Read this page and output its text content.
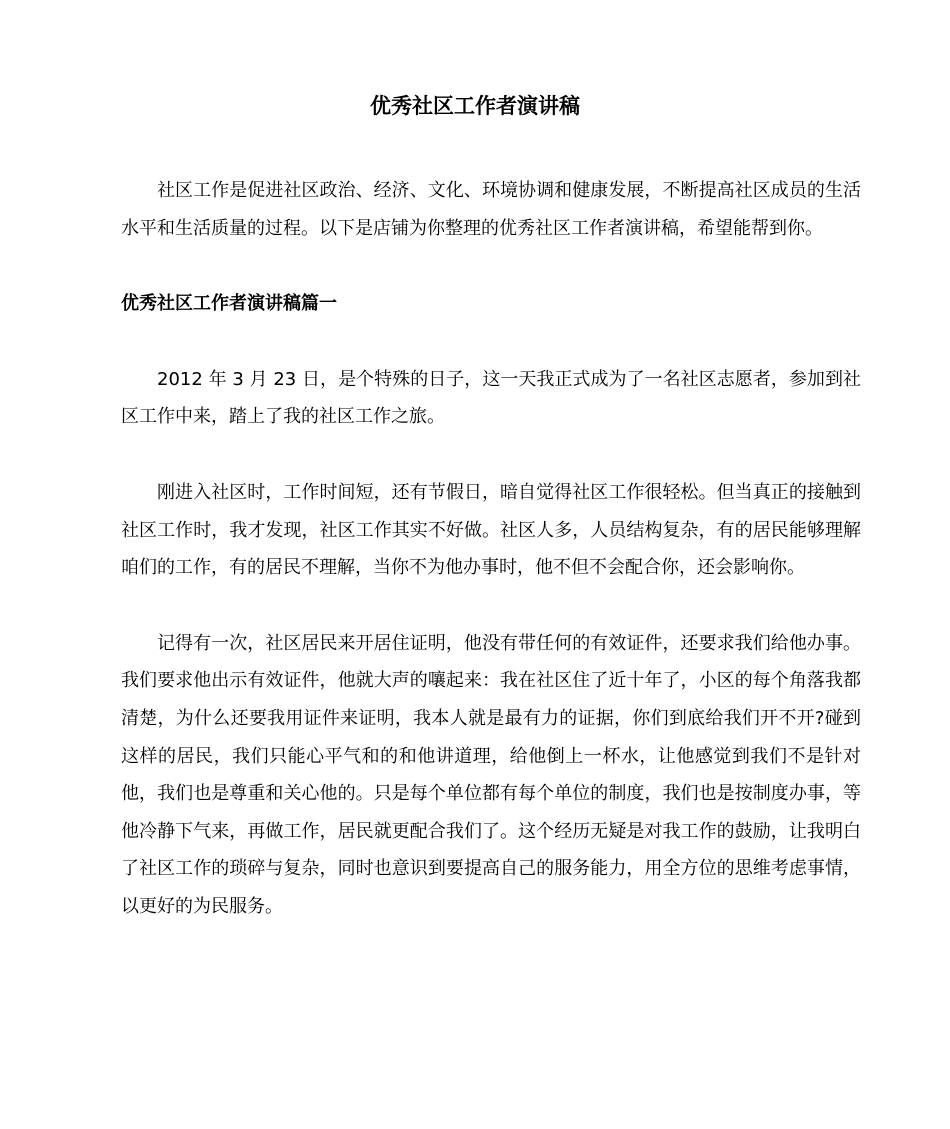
优秀社区工作者演讲稿

社区工作是促进社区政治、经济、文化、环境协调和健康发展，不断提高社区成员的生活水平和生活质量的过程。以下是店铺为你整理的优秀社区工作者演讲稿，希望能帮到你。

优秀社区工作者演讲稿篇一

2012 年 3 月 23 日，是个特殊的日子，这一天我正式成为了一名社区志愿者，参加到社区工作中来，踏上了我的社区工作之旅。

刚进入社区时，工作时间短，还有节假日，暗自觉得社区工作很轻松。但当真正的接触到社区工作时，我才发现，社区工作其实不好做。社区人多，人员结构复杂，有的居民能够理解咱们的工作，有的居民不理解，当你不为他办事时，他不但不会配合你，还会影响你。

记得有一次，社区居民来开居住证明，他没有带任何的有效证件，还要求我们给他办事。我们要求他出示有效证件，他就大声的嚷起来：我在社区住了近十年了，小区的每个角落我都清楚，为什么还要我用证件来证明，我本人就是最有力的证据，你们到底给我们开不开?碰到这样的居民，我们只能心平气和的和他讲道理，给他倒上一杯水，让他感觉到我们不是针对他，我们也是尊重和关心他的。只是每个单位都有每个单位的制度，我们也是按制度办事，等他冷静下气来，再做工作，居民就更配合我们了。这个经历无疑是对我工作的鼓励，让我明白了社区工作的琐碎与复杂，同时也意识到要提高自己的服务能力，用全方位的思维考虑事情，以更好的为民服务。
